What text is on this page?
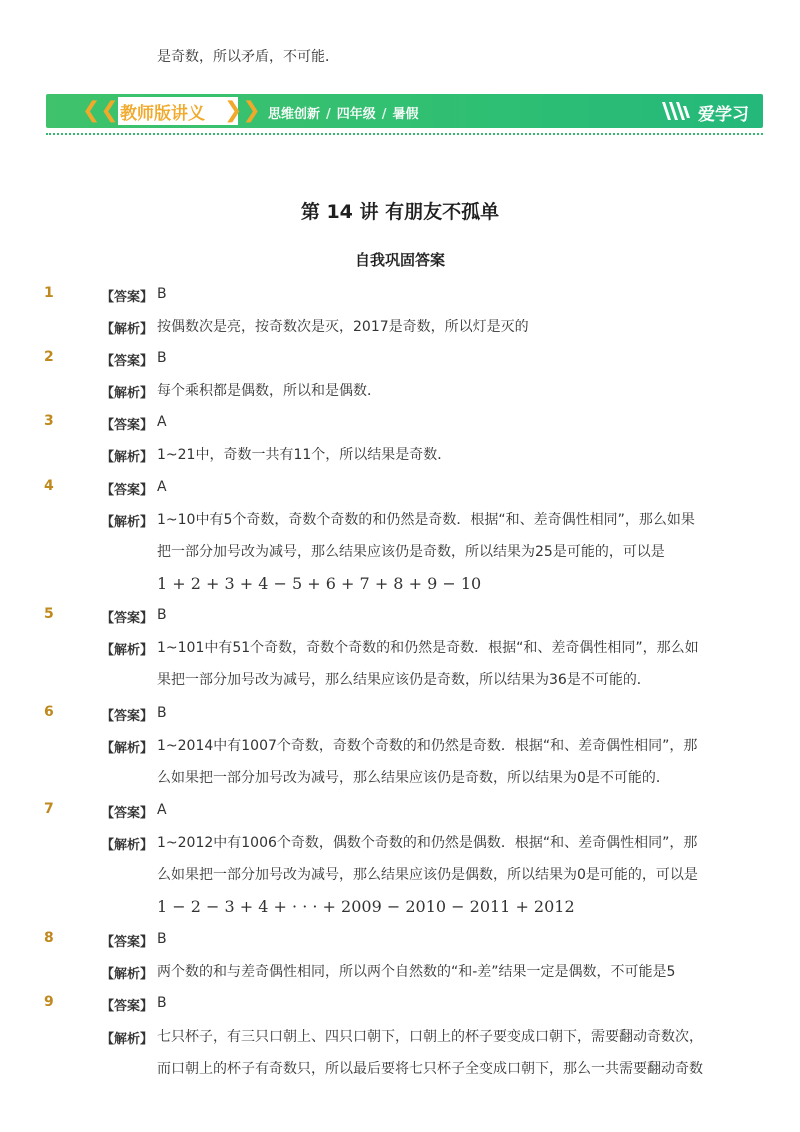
是奇数，所以矛盾，不可能．
❮❮	❯❯
教师版讲义	思维创新 / 四年级 / 暑假	爱学习
第 14 讲 有朋友不孤单
自我巩固答案
1	【答案】 B
【解析】 按偶数次是亮，按奇数次是灭，2017是奇数，所以灯是灭的
2	【答案】 B
【解析】 每个乘积都是偶数，所以和是偶数．
3	【答案】 A
【解析】 1~21中，奇数一共有11个，所以结果是奇数．
4	【答案】 A
【解析】 1~10中有5个奇数，奇数个奇数的和仍然是奇数．根据“和、差奇偶性相同”，那么如果
把一部分加号改为减号，那么结果应该仍是奇数，所以结果为25是可能的，可以是
1 + 2 + 3 + 4 − 5 + 6 + 7 + 8 + 9 − 10
5	【答案】 B
【解析】 1~101中有51个奇数，奇数个奇数的和仍然是奇数．根据“和、差奇偶性相同”，那么如
果把一部分加号改为减号，那么结果应该仍是奇数，所以结果为36是不可能的．
6	【答案】 B
【解析】 1~2014中有1007个奇数，奇数个奇数的和仍然是奇数．根据“和、差奇偶性相同”，那
么如果把一部分加号改为减号，那么结果应该仍是奇数，所以结果为0是不可能的．
7	【答案】 A
【解析】 1~2012中有1006个奇数，偶数个奇数的和仍然是偶数．根据“和、差奇偶性相同”，那
么如果把一部分加号改为减号，那么结果应该仍是偶数，所以结果为0是可能的，可以是
1 − 2 − 3 + 4 + · · · + 2009 − 2010 − 2011 + 2012
8	【答案】 B
【解析】 两个数的和与差奇偶性相同，所以两个自然数的“和-差”结果一定是偶数，不可能是5
9	【答案】 B
【解析】 七只杯子，有三只口朝上、四只口朝下，口朝上的杯子要变成口朝下，需要翻动奇数次，
而口朝上的杯子有奇数只，所以最后要将七只杯子全变成口朝下，那么一共需要翻动奇数
